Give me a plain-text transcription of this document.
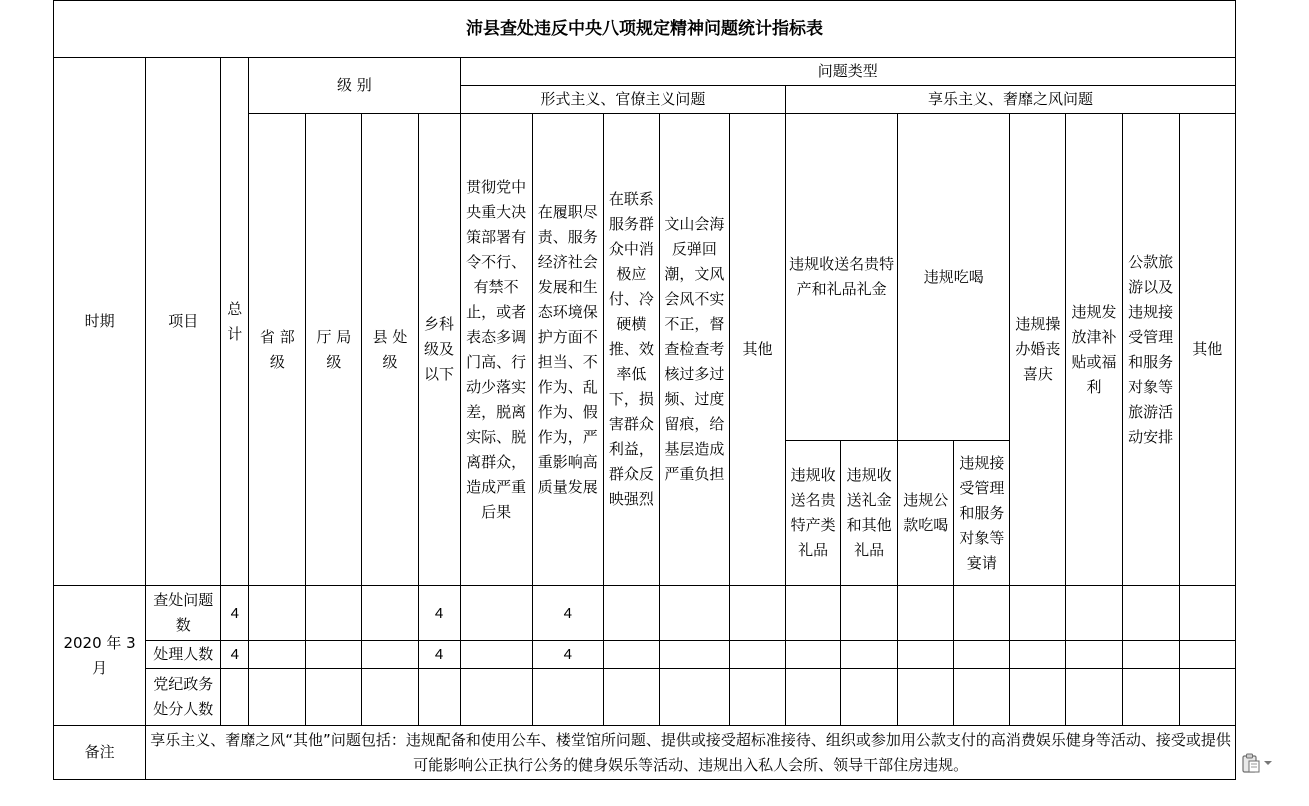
沛县查处违反中央八项规定精神问题统计指标表																			
时期	项目	总计	级 别				问题类型												
							形式主义、官僚主义问题					享乐主义、奢靡之风问题							
			省 部 级	厅 局 级	县 处 级	乡科级及以下	贯彻党中央重大决策部署有令不行、有禁不止，或者表态多调门高、行动少落实差，脱离实际、脱离群众，造成严重后果	在履职尽责、服务经济社会发展和生态环境保护方面不担当、不作为、乱作为、假作为，严重影响高质量发展	在联系服务群众中消极应付、冷硬横推、效率低下，损害群众利益，群众反映强烈	文山会海反弹回潮，文风会风不实不正，督查检查考核过多过频、过度留痕，给基层造成严重负担	其他	违规收送名贵特产和礼品礼金		违规吃喝		违规操办婚丧喜庆	违规发放津补贴或福利	公款旅游以及违规接受管理和服务对象等旅游活动安排	其他
												违规收送名贵特产类礼品	违规收送礼金和其他礼品	违规公款吃喝	违规接受管理和服务对象等宴请				

2020 年 3 月	查处问题数	4				4		4											
	处理人数	4				4		4											
	党纪政务处分人数																		
备注	享乐主义、奢靡之风“其他”问题包括：违规配备和使用公车、楼堂馆所问题、提供或接受超标准接待、组织或参加用公款支付的高消费娱乐健身等活动、接受或提供可能影响公正执行公务的健身娱乐等活动、违规出入私人会所、领导干部住房违规。																		
